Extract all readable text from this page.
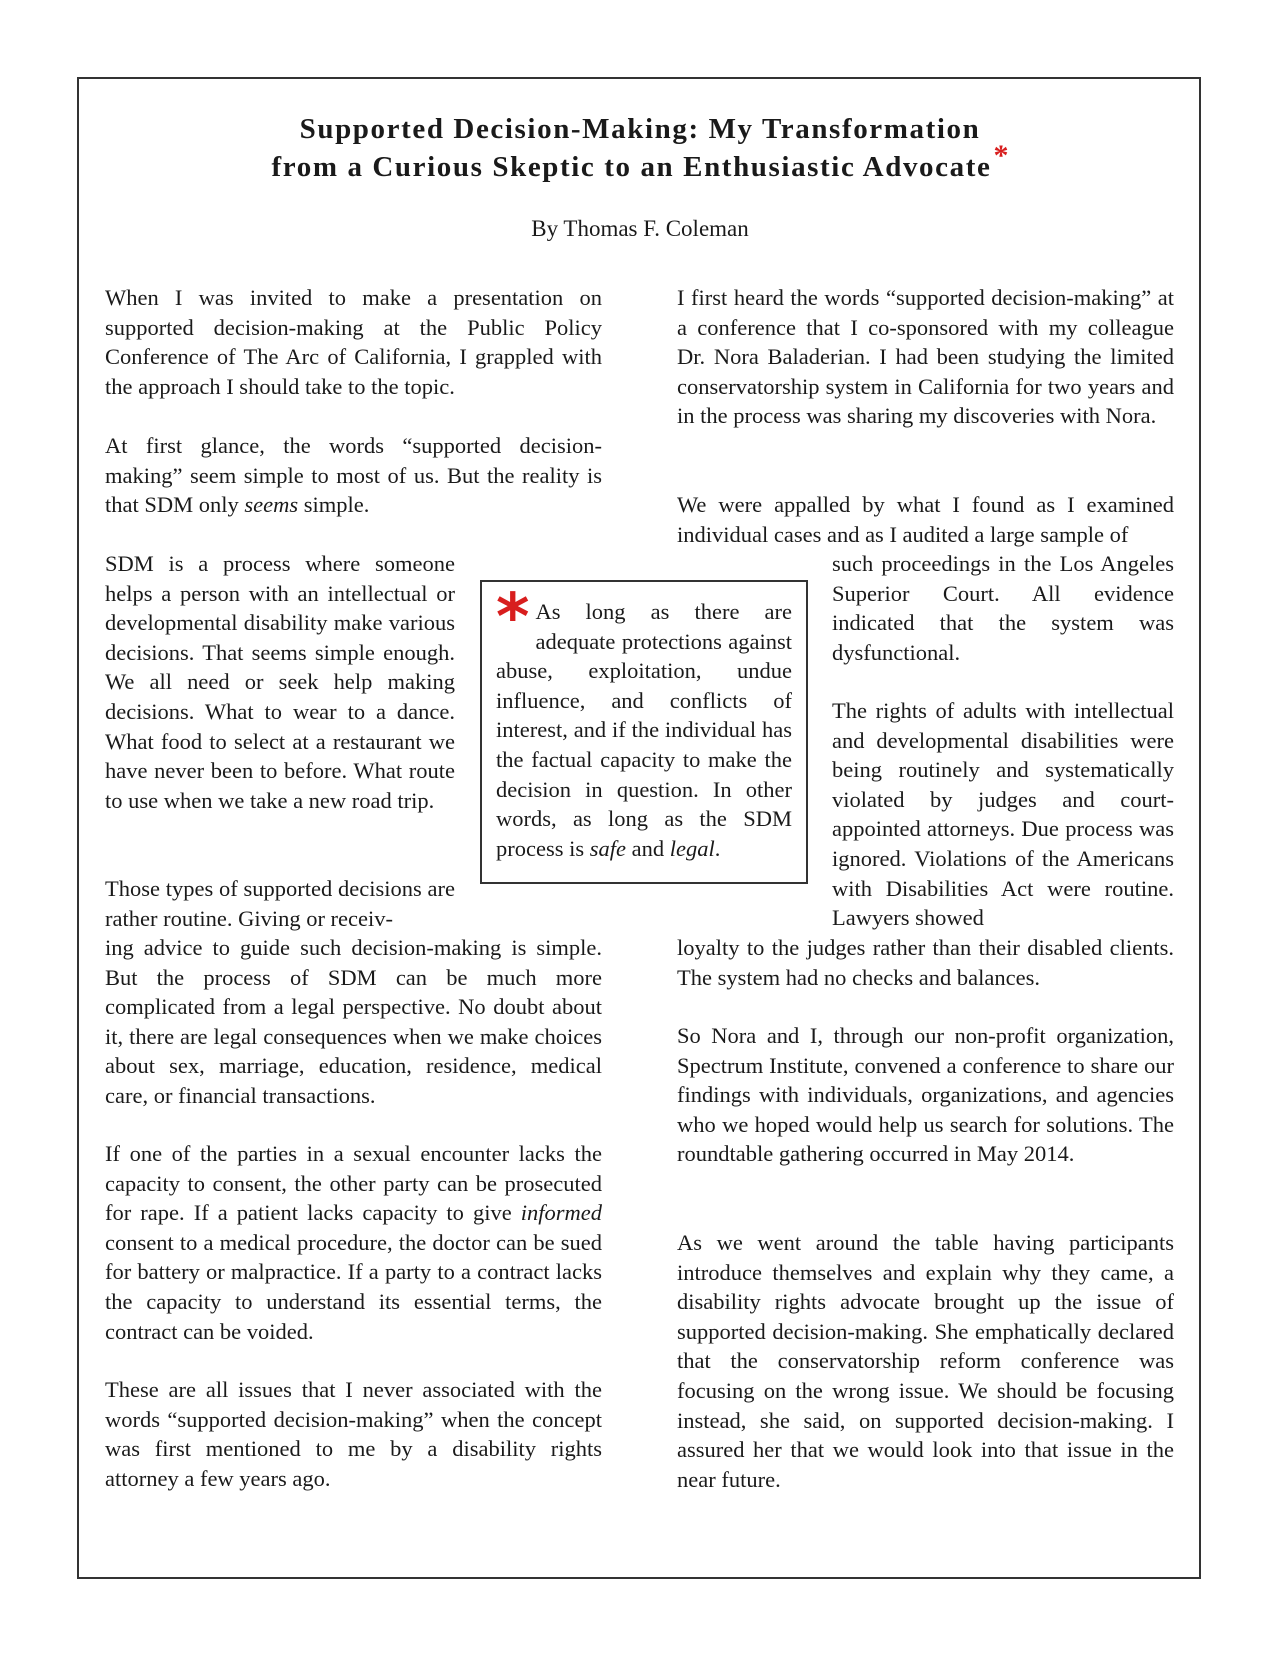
Supported Decision-Making: My Transformation
from a Curious Skeptic to an Enthusiastic Advocate*
By Thomas F. Coleman

When I was invited to make a presentation on supported decision-making at the Public Policy Conference of The Arc of California, I grappled with the approach I should take to the topic.

At first glance, the words “supported decision-making” seem simple to most of us. But the reality is that SDM only seems simple.

SDM is a process where someone helps a person with an intellectual or developmental disability make various decisions. That seems simple enough. We all need or seek help making decisions. What to wear to a dance. What food to select at a restaurant we have never been to before. What route to use when we take a new road trip.

Those types of supported decisions are rather routine. Giving or receiv-

ing advice to guide such decision-making is simple. But the process of SDM can be much more complicated from a legal perspective. No doubt about it, there are legal consequences when we make choices about sex, marriage, education, residence, medical care, or financial transactions.

If one of the parties in a sexual encounter lacks the capacity to consent, the other party can be prosecuted for rape. If a patient lacks capacity to give informed consent to a medical procedure, the doctor can be sued for battery or malpractice. If a party to a contract lacks the capacity to understand its essential terms, the contract can be voided.

These are all issues that I never associated with the words “supported decision-making” when the concept was first mentioned to me by a disability rights attorney a few years ago.

* As long as there are adequate protections against abuse, exploitation, undue influence, and conflicts of interest, and if the individual has the factual capacity to make the decision in question. In other words, as long as the SDM process is safe and legal.

I first heard the words “supported decision-making” at a conference that I co-sponsored with my colleague Dr. Nora Baladerian. I had been studying the limited conservatorship system in California for two years and in the process was sharing my discoveries with Nora.

We were appalled by what I found as I examined individual cases and as I audited a large sample of

such proceedings in the Los Angeles Superior Court. All evidence indicated that the system was dysfunctional.

The rights of adults with intellectual and developmental disabilities were being routinely and systematically violated by judges and court-appointed attorneys. Due process was ignored. Violations of the Americans with Disabilities Act were routine. Lawyers showed

loyalty to the judges rather than their disabled clients. The system had no checks and balances.

So Nora and I, through our non-profit organization, Spectrum Institute, convened a conference to share our findings with individuals, organizations, and agencies who we hoped would help us search for solutions. The roundtable gathering occurred in May 2014.

As we went around the table having participants introduce themselves and explain why they came, a disability rights advocate brought up the issue of supported decision-making. She emphatically declared that the conservatorship reform conference was focusing on the wrong issue. We should be focusing instead, she said, on supported decision-making. I assured her that we would look into that issue in the near future.
